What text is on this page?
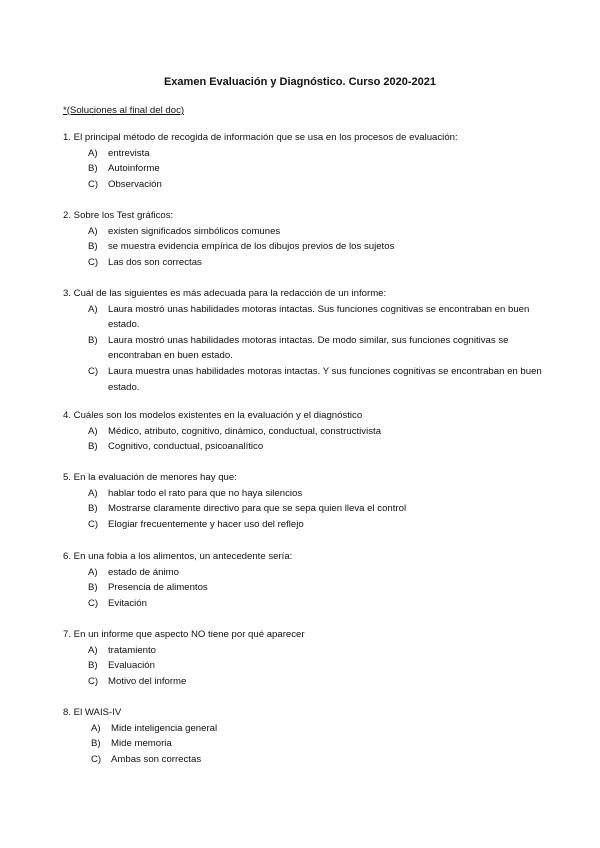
Examen Evaluación y Diagnóstico. Curso 2020-2021
*(Soluciones al final del doc)
1. El principal método de recogida de información que se usa en los procesos de evaluación:
A)	entrevista
B)	Autoinforme
C)	Observación
2. Sobre los Test gráficos:
A)	existen significados simbólicos comunes
B)	se muestra evidencia empírica de los dibujos previos de los sujetos
C)	Las dos son correctas
3. Cuál de las siguientes es más adecuada para la redacción de un informe:
A)	Laura mostró unas habilidades motoras intactas. Sus funciones cognitivas se encontraban en buen estado.
B)	Laura mostró unas habilidades motoras intactas. De modo similar, sus funciones cognitivas se encontraban en buen estado.
C)	Laura muestra unas habilidades motoras intactas. Y sus funciones cognitivas se encontraban en buen estado.
4. Cuáles son los modelos existentes en la evaluación y el diagnóstico
A)	Médico, atributo, cognitivo, dinámico, conductual, constructivista
B)	Cognitivo, conductual, psicoanalítico
5. En la evaluación de menores hay que:
A)	hablar todo el rato para que no haya silencios
B)	Mostrarse claramente directivo para que se sepa quien lleva el control
C)	Elogiar frecuentemente y hacer uso del reflejo
6. En una fobia a los alimentos, un antecedente sería:
A)	estado de ánimo
B)	Presencia de alimentos
C)	Evitación
7. En un informe que aspecto NO tiene por qué aparecer
A)	tratamiento
B)	Evaluación
C)	Motivo del informe
8. El WAIS-IV
A)	Mide inteligencia general
B)	Mide memoria
C)	Ambas son correctas
